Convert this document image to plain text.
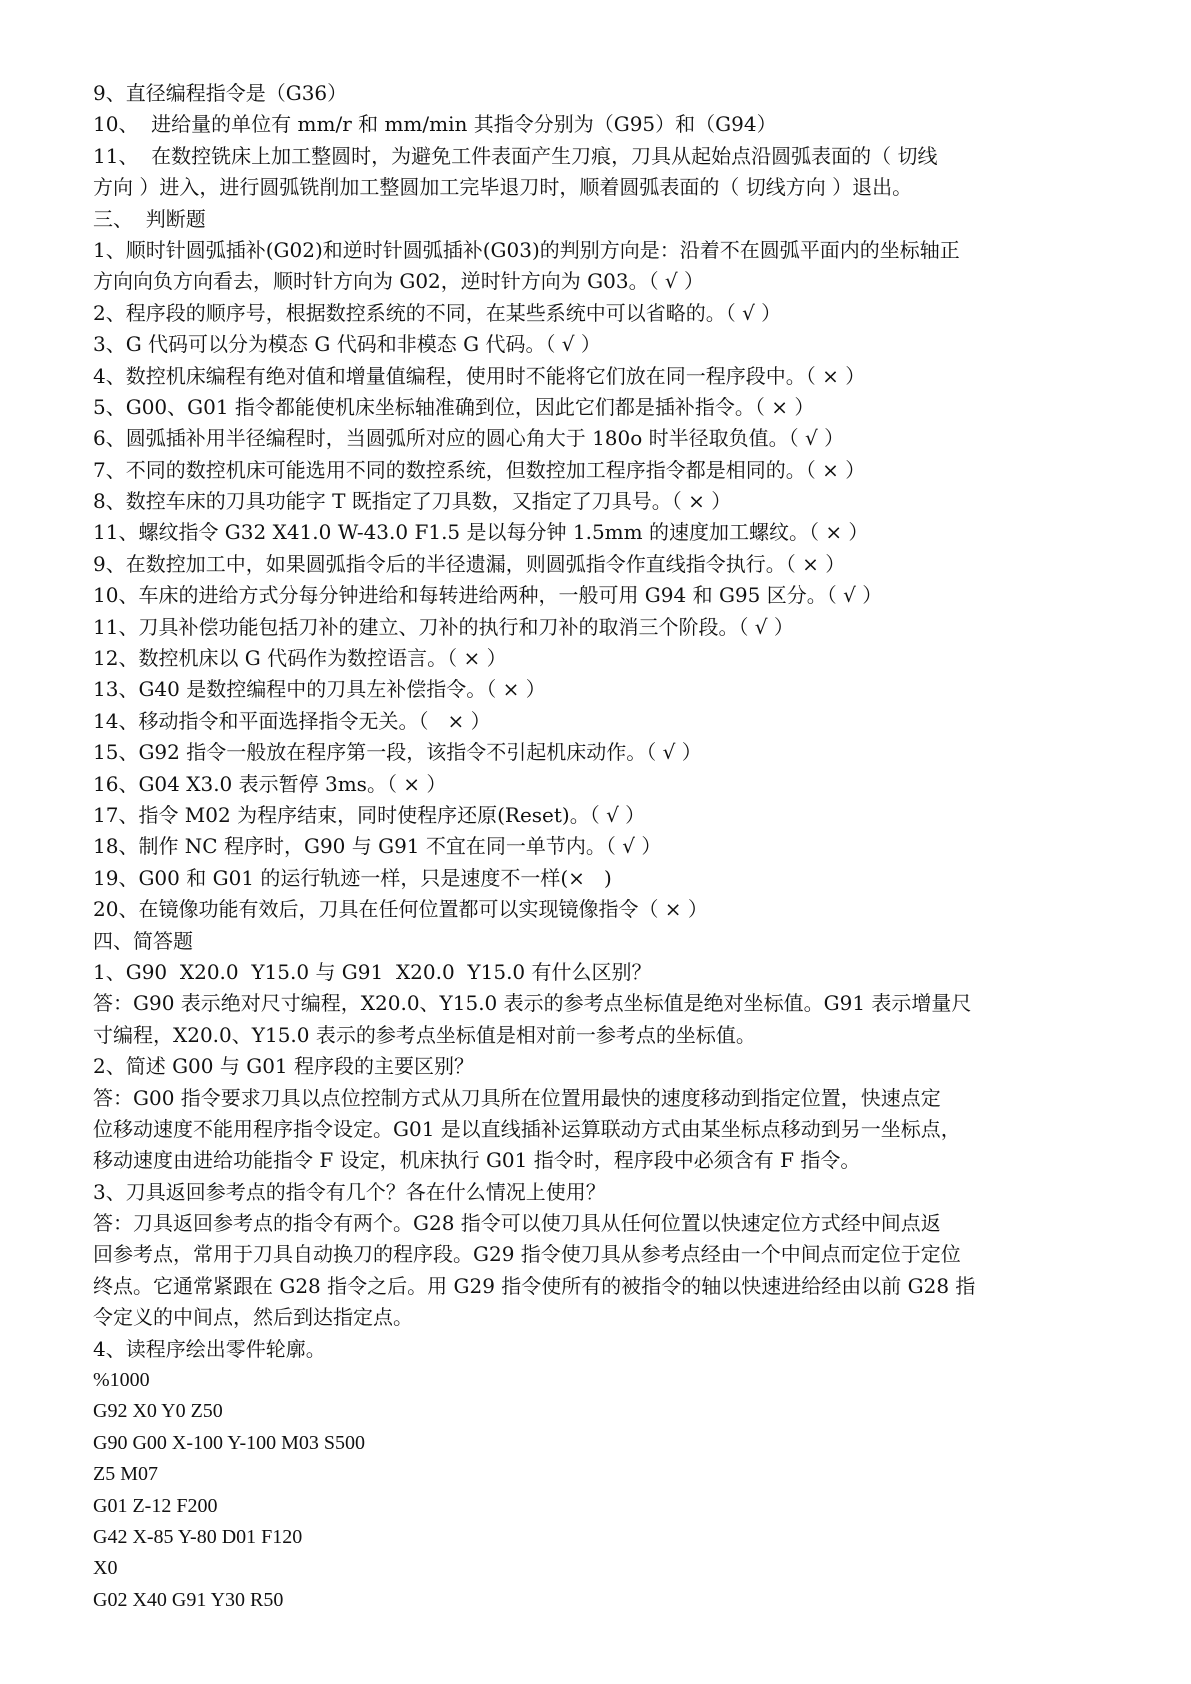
9、直径编程指令是（G36）
10、  进给量的单位有 mm/r 和 mm/min 其指令分别为（G95）和（G94）
11、  在数控铣床上加工整圆时，为避免工件表面产生刀痕，刀具从起始点沿圆弧表面的（ 切线
方向 ）进入，进行圆弧铣削加工整圆加工完毕退刀时，顺着圆弧表面的（ 切线方向 ）退出。
三、  判断题
1、顺时针圆弧插补(G02)和逆时针圆弧插补(G03)的判别方向是：沿着不在圆弧平面内的坐标轴正
方向向负方向看去，顺时针方向为 G02，逆时针方向为 G03。（ √ ）
2、程序段的顺序号，根据数控系统的不同，在某些系统中可以省略的。（ √ ）
3、G 代码可以分为模态 G 代码和非模态 G 代码。（ √ ）
4、数控机床编程有绝对值和增量值编程，使用时不能将它们放在同一程序段中。（ × ）
5、G00、G01 指令都能使机床坐标轴准确到位，因此它们都是插补指令。（ × ）
6、圆弧插补用半径编程时，当圆弧所对应的圆心角大于 180o 时半径取负值。（ √ ）
7、不同的数控机床可能选用不同的数控系统，但数控加工程序指令都是相同的。（ × ）
8、数控车床的刀具功能字 T 既指定了刀具数，又指定了刀具号。（ × ）
11、螺纹指令 G32 X41.0 W-43.0 F1.5 是以每分钟 1.5mm 的速度加工螺纹。（ × ）
9、在数控加工中，如果圆弧指令后的半径遗漏，则圆弧指令作直线指令执行。（ × ）
10、车床的进给方式分每分钟进给和每转进给两种，一般可用 G94 和 G95 区分。（ √ ）
11、刀具补偿功能包括刀补的建立、刀补的执行和刀补的取消三个阶段。（ √ ）
12、数控机床以 G 代码作为数控语言。（ × ）
13、G40 是数控编程中的刀具左补偿指令。（ × ）
14、移动指令和平面选择指令无关。（   × ）
15、G92 指令一般放在程序第一段，该指令不引起机床动作。（ √ ）
16、G04 X3.0 表示暂停 3ms。（ × ）
17、指令 M02 为程序结束，同时使程序还原(Reset)。（ √ ）
18、制作 NC 程序时，G90 与 G91 不宜在同一单节内。（ √ ）
19、G00 和 G01 的运行轨迹一样，只是速度不一样(×   )
20、在镜像功能有效后，刀具在任何位置都可以实现镜像指令（ × ）
四、简答题
1、G90  X20.0  Y15.0 与 G91  X20.0  Y15.0 有什么区别？
答：G90 表示绝对尺寸编程，X20.0、Y15.0 表示的参考点坐标值是绝对坐标值。G91 表示增量尺
寸编程，X20.0、Y15.0 表示的参考点坐标值是相对前一参考点的坐标值。
2、简述 G00 与 G01 程序段的主要区别？
答：G00 指令要求刀具以点位控制方式从刀具所在位置用最快的速度移动到指定位置，快速点定
位移动速度不能用程序指令设定。G01 是以直线插补运算联动方式由某坐标点移动到另一坐标点，
移动速度由进给功能指令 F 设定，机床执行 G01 指令时，程序段中必须含有 F 指令。
3、刀具返回参考点的指令有几个？各在什么情况上使用？
答：刀具返回参考点的指令有两个。G28 指令可以使刀具从任何位置以快速定位方式经中间点返
回参考点，常用于刀具自动换刀的程序段。G29 指令使刀具从参考点经由一个中间点而定位于定位
终点。它通常紧跟在 G28 指令之后。用 G29 指令使所有的被指令的轴以快速进给经由以前 G28 指
令定义的中间点，然后到达指定点。
4、读程序绘出零件轮廓。
%1000
G92 X0 Y0 Z50
G90 G00 X-100 Y-100 M03 S500
Z5 M07
G01 Z-12 F200
G42 X-85 Y-80 D01 F120
X0
G02 X40 G91 Y30 R50
